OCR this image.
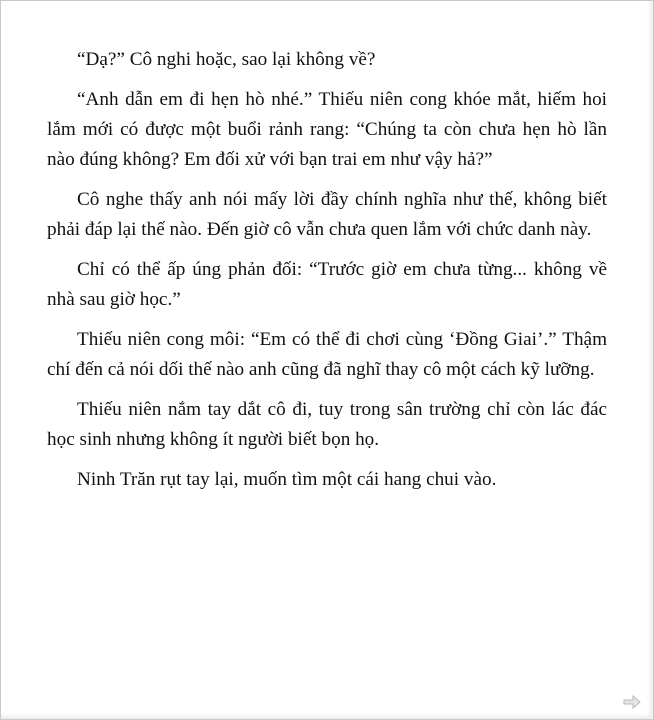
“Dạ?” Cô nghi hoặc, sao lại không về?

“Anh dẫn em đi hẹn hò nhé.” Thiếu niên cong khóe mắt, hiếm hoi lắm mới có được một buổi rảnh rang: “Chúng ta còn chưa hẹn hò lần nào đúng không? Em đối xử với bạn trai em như vậy hả?”

Cô nghe thấy anh nói mấy lời đầy chính nghĩa như thế, không biết phải đáp lại thế nào. Đến giờ cô vẫn chưa quen lắm với chức danh này.

Chỉ có thể ấp úng phản đối: “Trước giờ em chưa từng... không về nhà sau giờ học.”

Thiếu niên cong môi: “Em có thể đi chơi cùng ‘Đồng Giai’.” Thậm chí đến cả nói dối thế nào anh cũng đã nghĩ thay cô một cách kỹ lưỡng.

Thiếu niên nắm tay dắt cô đi, tuy trong sân trường chỉ còn lác đác học sinh nhưng không ít người biết bọn họ.

Ninh Trăn rụt tay lại, muốn tìm một cái hang chui vào.
